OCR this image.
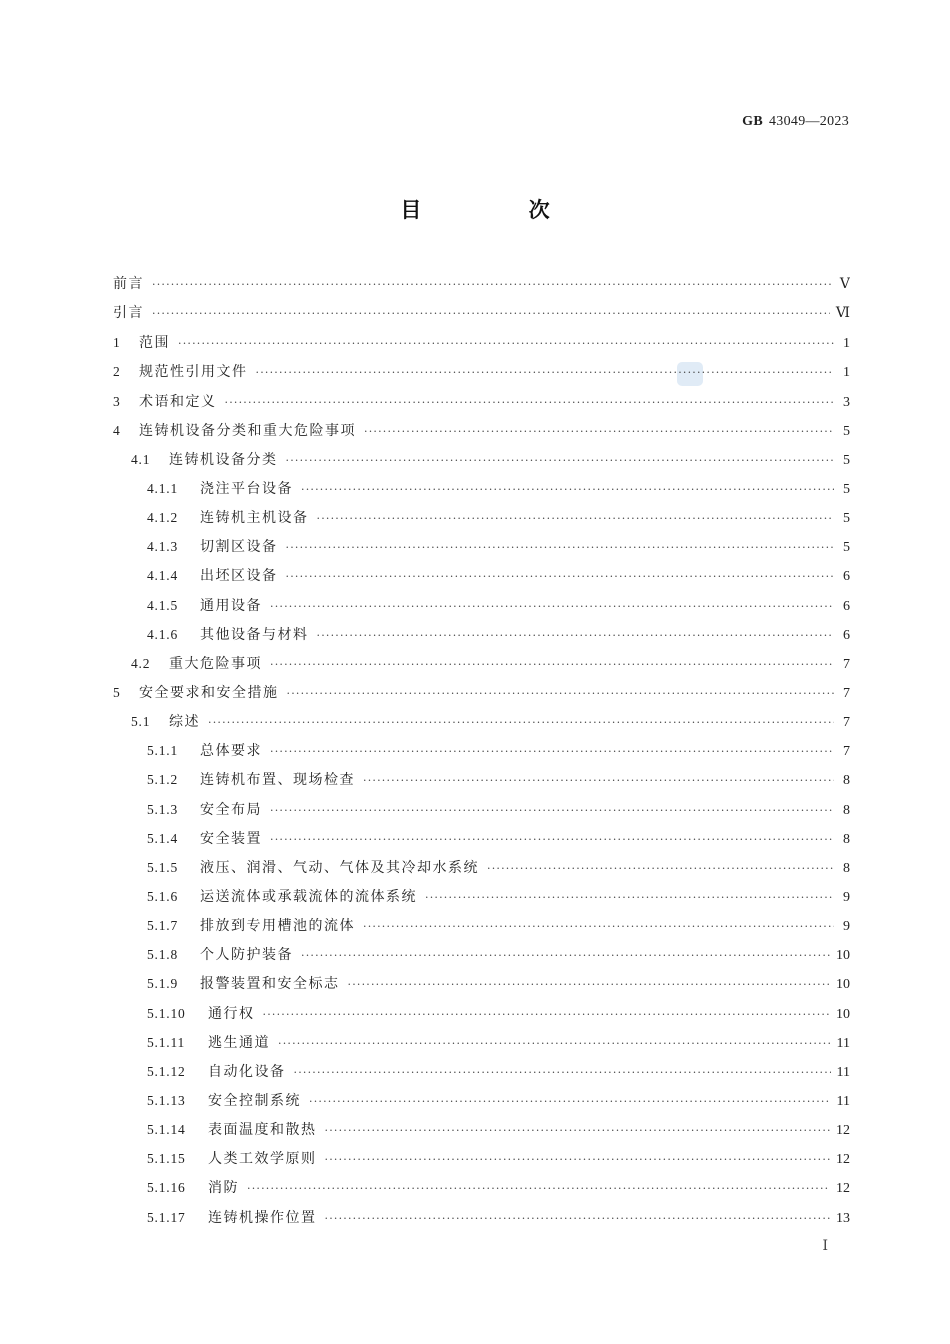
GB 43049—2023
目 次
前言 ·····	Ⅴ
引言 ·····	Ⅵ
1	范围 ·····	1
2	规范性引用文件 ·····	1
3	术语和定义 ·····	3
4	连铸机设备分类和重大危险事项 ·····	5
4.1	连铸机设备分类 ·····	5
4.1.1	浇注平台设备 ·····	5
4.1.2	连铸机主机设备 ·····	5
4.1.3	切割区设备 ·····	5
4.1.4	出坯区设备 ·····	6
4.1.5	通用设备 ·····	6
4.1.6	其他设备与材料 ·····	6
4.2	重大危险事项 ·····	7
5	安全要求和安全措施 ·····	7
5.1	综述 ·····	7
5.1.1	总体要求 ·····	7
5.1.2	连铸机布置、现场检查 ·····	8
5.1.3	安全布局 ·····	8
5.1.4	安全装置 ·····	8
5.1.5	液压、润滑、气动、气体及其冷却水系统 ·····	8
5.1.6	运送流体或承载流体的流体系统 ·····	9
5.1.7	排放到专用槽池的流体 ·····	9
5.1.8	个人防护装备 ·····	10
5.1.9	报警装置和安全标志 ·····	10
5.1.10	通行权 ·····	10
5.1.11	逃生通道 ·····	11
5.1.12	自动化设备 ·····	11
5.1.13	安全控制系统 ·····	11
5.1.14	表面温度和散热 ·····	12
5.1.15	人类工效学原则 ·····	12
5.1.16	消防 ·····	12
5.1.17	连铸机操作位置 ·····	13
Ⅰ
